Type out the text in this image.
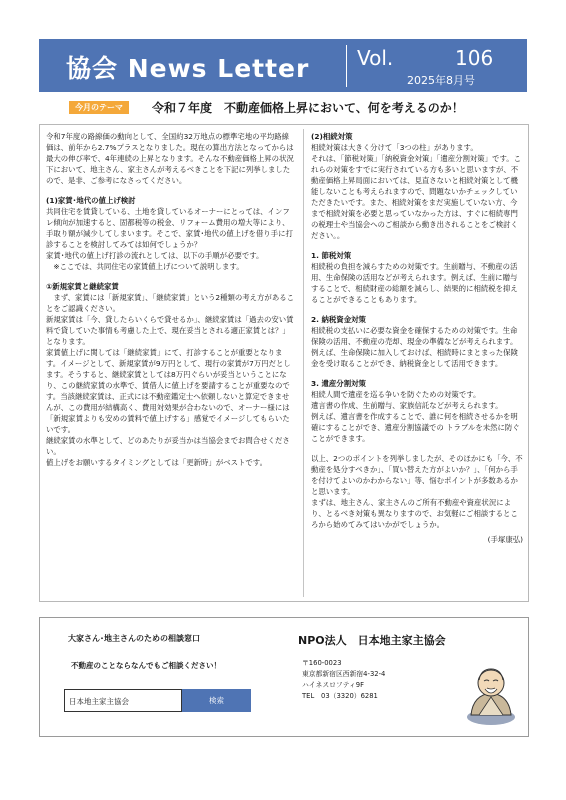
協会 News Letter Vol.	106
2025年8月号
今月のテーマ	令和７年度　不動産価格上昇において、何を考えるのか！

令和7年度の路線価の動向として、全国約32万地点の標準宅地の平均路線価は、前年から2.7%プラスとなりました。現在の算出方法となってからは最大の伸び率で、4年連続の上昇となります。そんな不動産価格上昇の状況下において、地主さん、家主さんが考えるべきことを下記に列挙しましたので、是非、ご参考になさってください。

(1)家賃･地代の値上げ検討

共同住宅を賃貸している、土地を貸しているオーナーにとっては、インフレ傾向が加速すると、固都税等の税金、リフォーム費用の増大等により、手取り額が減少してしまいます。そこで、家賃･地代の値上げを借り手に打診することを検討してみては如何でしょうか？
家賃･地代の値上げ打診の流れとしては、以下の手順が必要です。
　※ここでは、共同住宅の家賃値上げについて説明します。

①新規家賃と継続家賃

　まず、家賃には「新規家賃」、「継続家賃」という2種類の考え方があることをご認識ください。
新規家賃は「今、貸したらいくらで貸せるか」、継続家賃は「過去の安い賃料で貸していた事情も考慮した上で、現在妥当とされる適正家賃とは？」となります。
家賃値上げに関しては「継続家賃」にて、打診することが重要となります。イメージとして、新規家賃が9万円として、現行の家賃が7万円だとします。そうすると、継続家賃としては8万円ぐらいが妥当ということになり、この継続家賃の水準で、賃借人に値上げを要請することが重要なのです。当該継続家賃は、正式には不動産鑑定士へ依頼しないと算定できませんが、この費用が結構高く、費用対効果が合わないので、オーナー様には「新規家賃よりも安めの賃料で値上げする」感覚でイメージしてもらいたいです。
継続家賃の水準として、どのあたりが妥当かは当協会までお問合せください。
値上げをお願いするタイミングとしては「更新時」がベストです。

(2)相続対策

相続対策は大きく分けて「3つの柱」があります。
それは、「節税対策」「納税資金対策」「遺産分割対策」です。これらの対策をすでに実行されている方も多いと思いますが、不動産価格上昇局面においては、見直さないと相続対策として機能しないことも考えられますので、問題ないかチェックしていただきたいです。また、相続対策をまだ実施していない方、今まで相続対策を必要と思っていなかった方は、すぐに相続専門の税理士や当協会へのご相談から動き出されることをご検討ください。。

1. 節税対策

相続税の負担を減らすための対策です。生前贈与、不動産の活用、生命保険の活用などが考えられます。例えば、生前に贈与することで、相続財産の総額を減らし、結果的に相続税を抑えることができることもあります。

2. 納税資金対策

相続税の支払いに必要な資金を確保するための対策です。生命保険の活用、不動産の売却、現金の準備などが考えられます。
例えば、生命保険に加入しておけば、相続時にまとまった保険金を受け取ることができ、納税資金として活用できます。

3. 遺産分割対策

相続人間で遺産を巡る争いを防ぐための対策です。
遺言書の作成、生前贈与、家族信託などが考えられます。
例えば、遺言書を作成することで、誰に何を相続させるかを明確にすることができ、遺産分割協議での トラブルを未然に防ぐことができます。

以上、2つのポイントを列挙しましたが、そのほかにも「今、不動産を処分すべきか」、「買い替えた方がよいか？」、「何から手を付けてよいのかわからない」等、悩むポイントが多数あるかと思います。
まずは、地主さん、家主さんのご所有不動産や資産状況により、とるべき対策も異なりますので、お気軽にご相談するところから始めてみてはいかがでしょうか。

(手塚康弘)

大家さん･地主さんのための相談窓口
不動産のことならなんでもご相談ください！
日本地主家主協会	検索
NPO法人　日本地主家主協会
〒160-0023
東京都新宿区西新宿4-32-4
ハイネスロフティ9F
TEL　03（3320）6281
